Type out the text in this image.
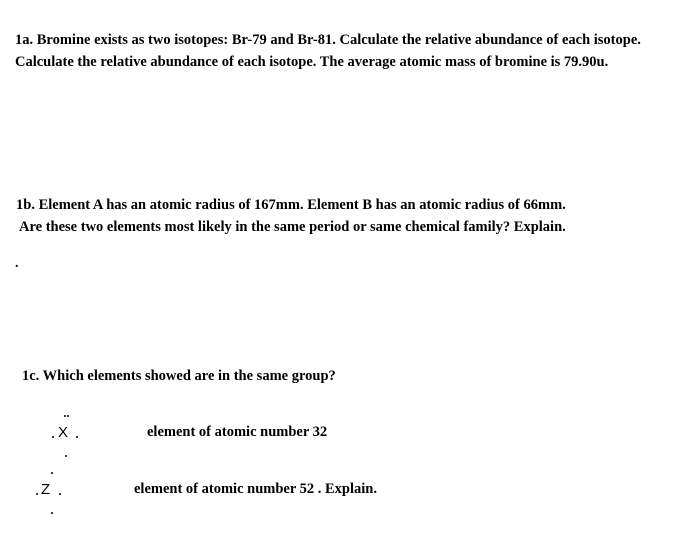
1a. Bromine exists as two isotopes: Br-79 and Br-81. Calculate the relative abundance of each isotope. Calculate the relative abundance of each isotope. The average atomic mass of bromine is 79.90u.

1b. Element A has an atomic radius of 167mm. Element B has an atomic radius of 66mm.
Are these two elements most likely in the same period or same chemical family? Explain.

.

1c. Which elements showed are in the same group?

X
Z
element of atomic number 32
element of atomic number 52 . Explain.
